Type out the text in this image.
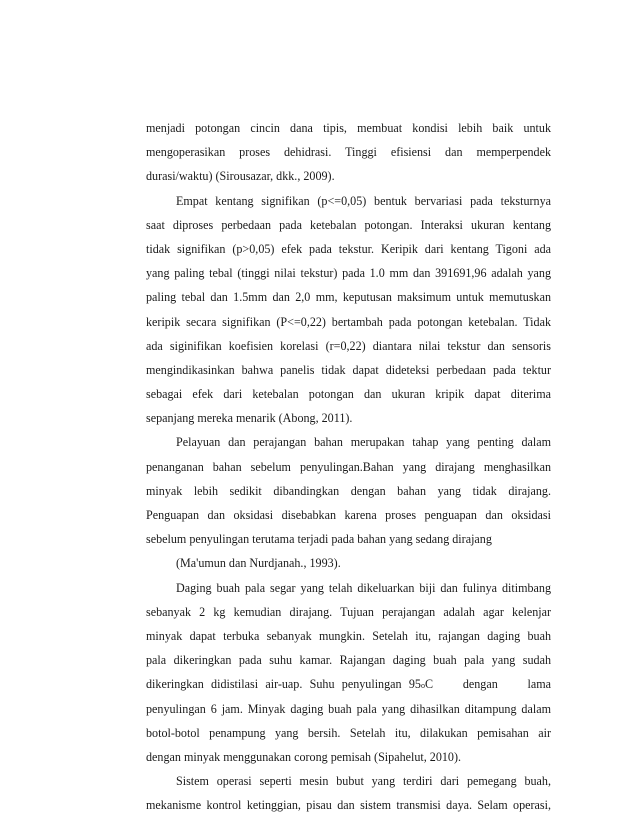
menjadi potongan cincin dana tipis, membuat kondisi lebih baik untuk
mengoperasikan proses dehidrasi. Tinggi efisiensi dan memperpendek
durasi/waktu) (Sirousazar, dkk., 2009).
Empat kentang signifikan (p<=0,05) bentuk bervariasi pada teksturnya
saat diproses perbedaan pada ketebalan potongan. Interaksi ukuran kentang
tidak signifikan (p>0,05) efek pada tekstur. Keripik dari kentang Tigoni ada
yang paling tebal (tinggi nilai tekstur) pada 1.0 mm dan 391691,96 adalah yang
paling tebal dan 1.5mm dan 2,0 mm, keputusan maksimum untuk memutuskan
keripik secara signifikan (P<=0,22) bertambah pada potongan ketebalan. Tidak
ada siginifikan koefisien korelasi (r=0,22) diantara nilai tekstur dan sensoris
mengindikasinkan bahwa panelis tidak dapat dideteksi perbedaan pada tektur
sebagai efek dari ketebalan potongan dan ukuran kripik dapat diterima
sepanjang mereka menarik (Abong, 2011).
Pelayuan dan perajangan bahan merupakan tahap yang penting dalam
penanganan bahan sebelum penyulingan.Bahan yang dirajang menghasilkan
minyak lebih sedikit dibandingkan dengan bahan yang tidak dirajang.
Penguapan dan oksidasi disebabkan karena proses penguapan dan oksidasi
sebelum penyulingan terutama terjadi pada bahan yang sedang dirajang
(Ma'umun dan Nurdjanah., 1993).
Daging buah pala segar yang telah dikeluarkan biji dan fulinya ditimbang
sebanyak 2 kg kemudian dirajang. Tujuan perajangan adalah agar kelenjar
minyak dapat terbuka sebanyak mungkin. Setelah itu, rajangan daging buah
pala dikeringkan pada suhu kamar. Rajangan daging buah pala yang sudah
dikeringkan didistilasi air-uap. Suhu penyulingan 95 o C dengan lama
penyulingan 6 jam. Minyak daging buah pala yang dihasilkan ditampung dalam
botol-botol penampung yang bersih. Setelah itu, dilakukan pemisahan air
dengan minyak menggunakan corong pemisah (Sipahelut, 2010).
Sistem operasi seperti mesin bubut yang terdiri dari pemegang buah,
mekanisme kontrol ketinggian, pisau dan sistem transmisi daya. Selam operasi,
